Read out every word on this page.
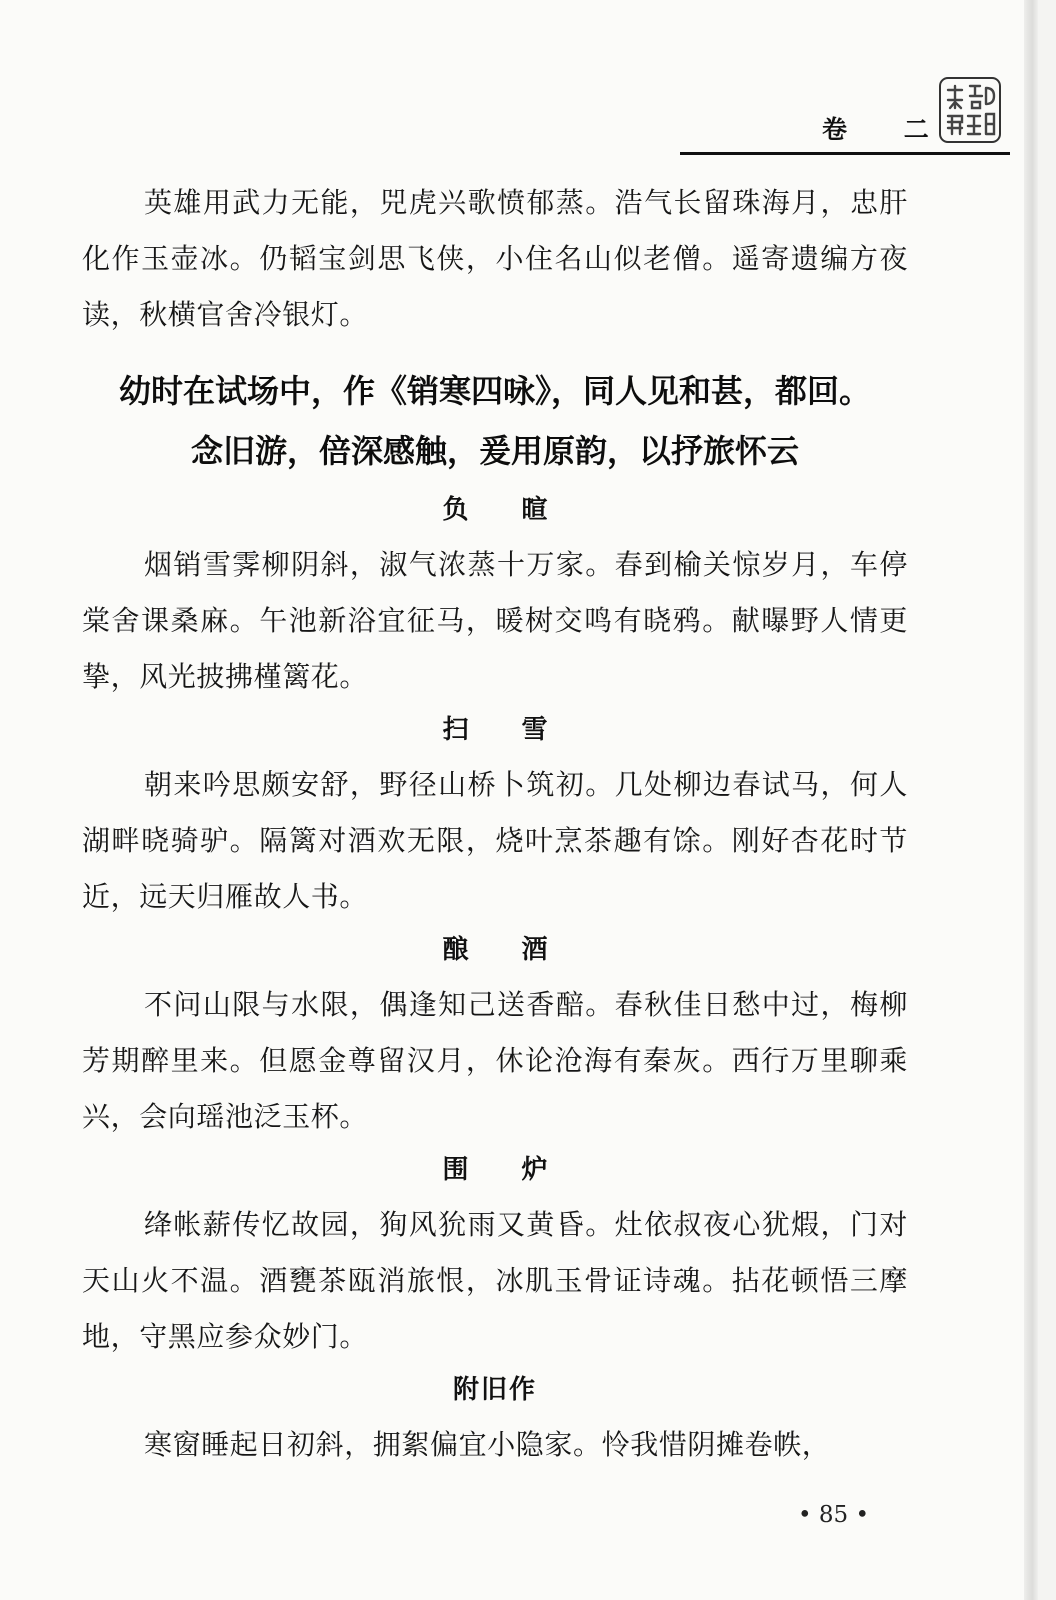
卷 二

英雄用武力无能，兕虎兴歌愤郁蒸。浩气长留珠海月，忠肝化作玉壶冰。仍韬宝剑思飞侠，小住名山似老僧。遥寄遗编方夜读，秋横官舍冷银灯。

幼时在试场中，作《销寒四咏》，同人见和甚，都回。
念旧游，倍深感触，爰用原韵，以抒旅怀云
负 暄

烟销雪霁柳阴斜，淑气浓蒸十万家。春到榆关惊岁月，车停棠舍课桑麻。午池新浴宜征马，暖树交鸣有晓鸦。献曝野人情更挚，风光披拂槿篱花。

扫 雪

朝来吟思颇安舒，野径山桥卜筑初。几处柳边春试马，何人湖畔晓骑驴。隔篱对酒欢无限，烧叶烹茶趣有馀。刚好杏花时节近，远天归雁故人书。

酿 酒

不问山限与水限，偶逢知己送香醅。春秋佳日愁中过，梅柳芳期醉里来。但愿金尊留汉月，休论沧海有秦灰。西行万里聊乘兴，会向瑶池泛玉杯。

围 炉

绛帐薪传忆故园，狥风狁雨又黄昏。灶依叔夜心犹煆，门对天山火不温。酒甕茶瓯消旅恨，冰肌玉骨证诗魂。拈花顿悟三摩地，守黑应参众妙门。

附旧作

寒窗睡起日初斜，拥絮偏宜小隐家。怜我惜阴摊卷帙，

• 85 •
